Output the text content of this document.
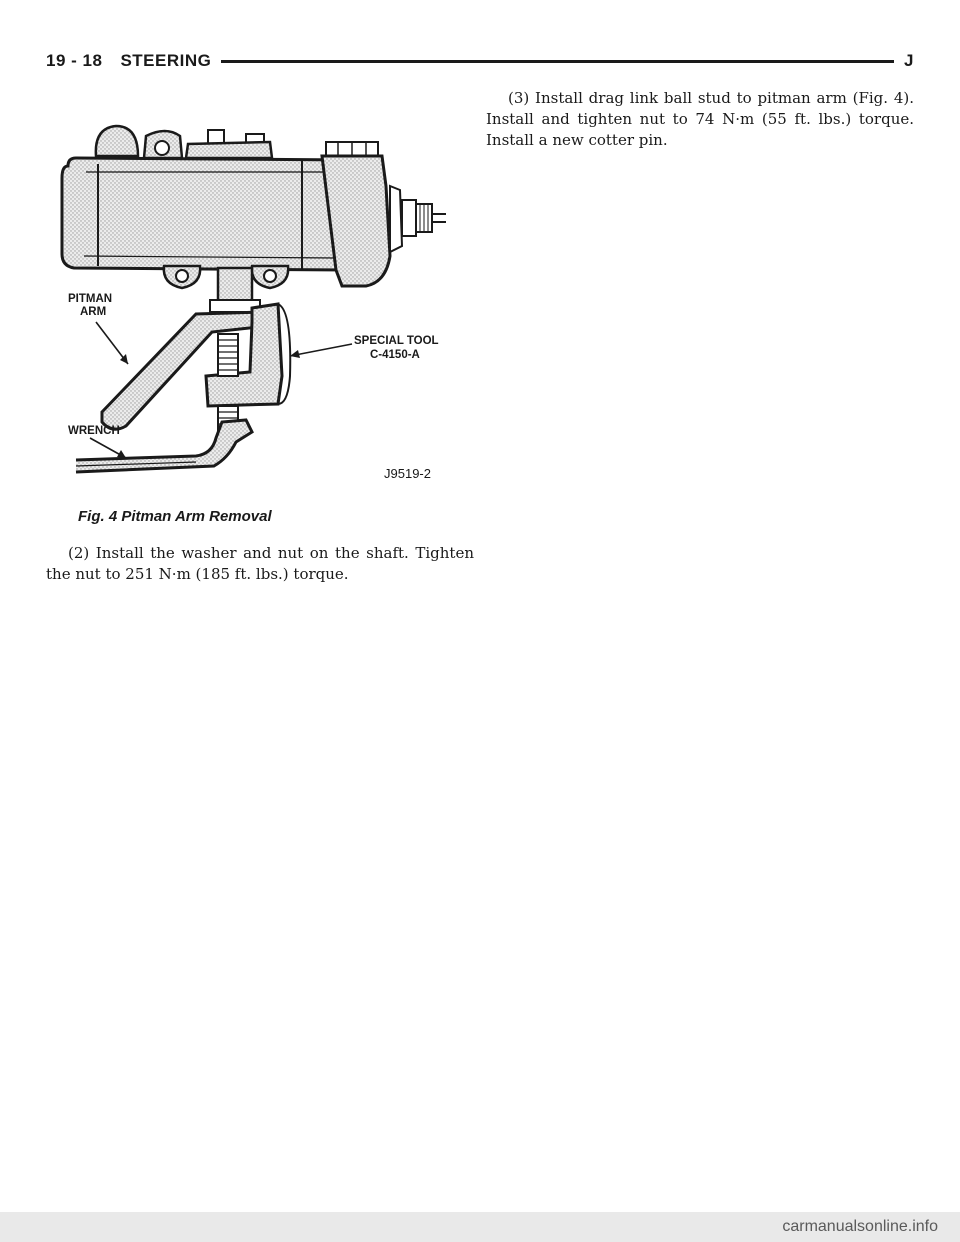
19 - 18 STEERING	J
PITMAN
ARM
SPECIAL TOOL
C-4150-A
WRENCH
J9519-2
Fig. 4 Pitman Arm Removal

(2) Install the washer and nut on the shaft. Tighten the nut to 251 N·m (185 ft. lbs.) torque.

(3) Install drag link ball stud to pitman arm (Fig. 4). Install and tighten nut to 74 N·m (55 ft. lbs.) torque. Install a new cotter pin.

carmanualsonline.info
